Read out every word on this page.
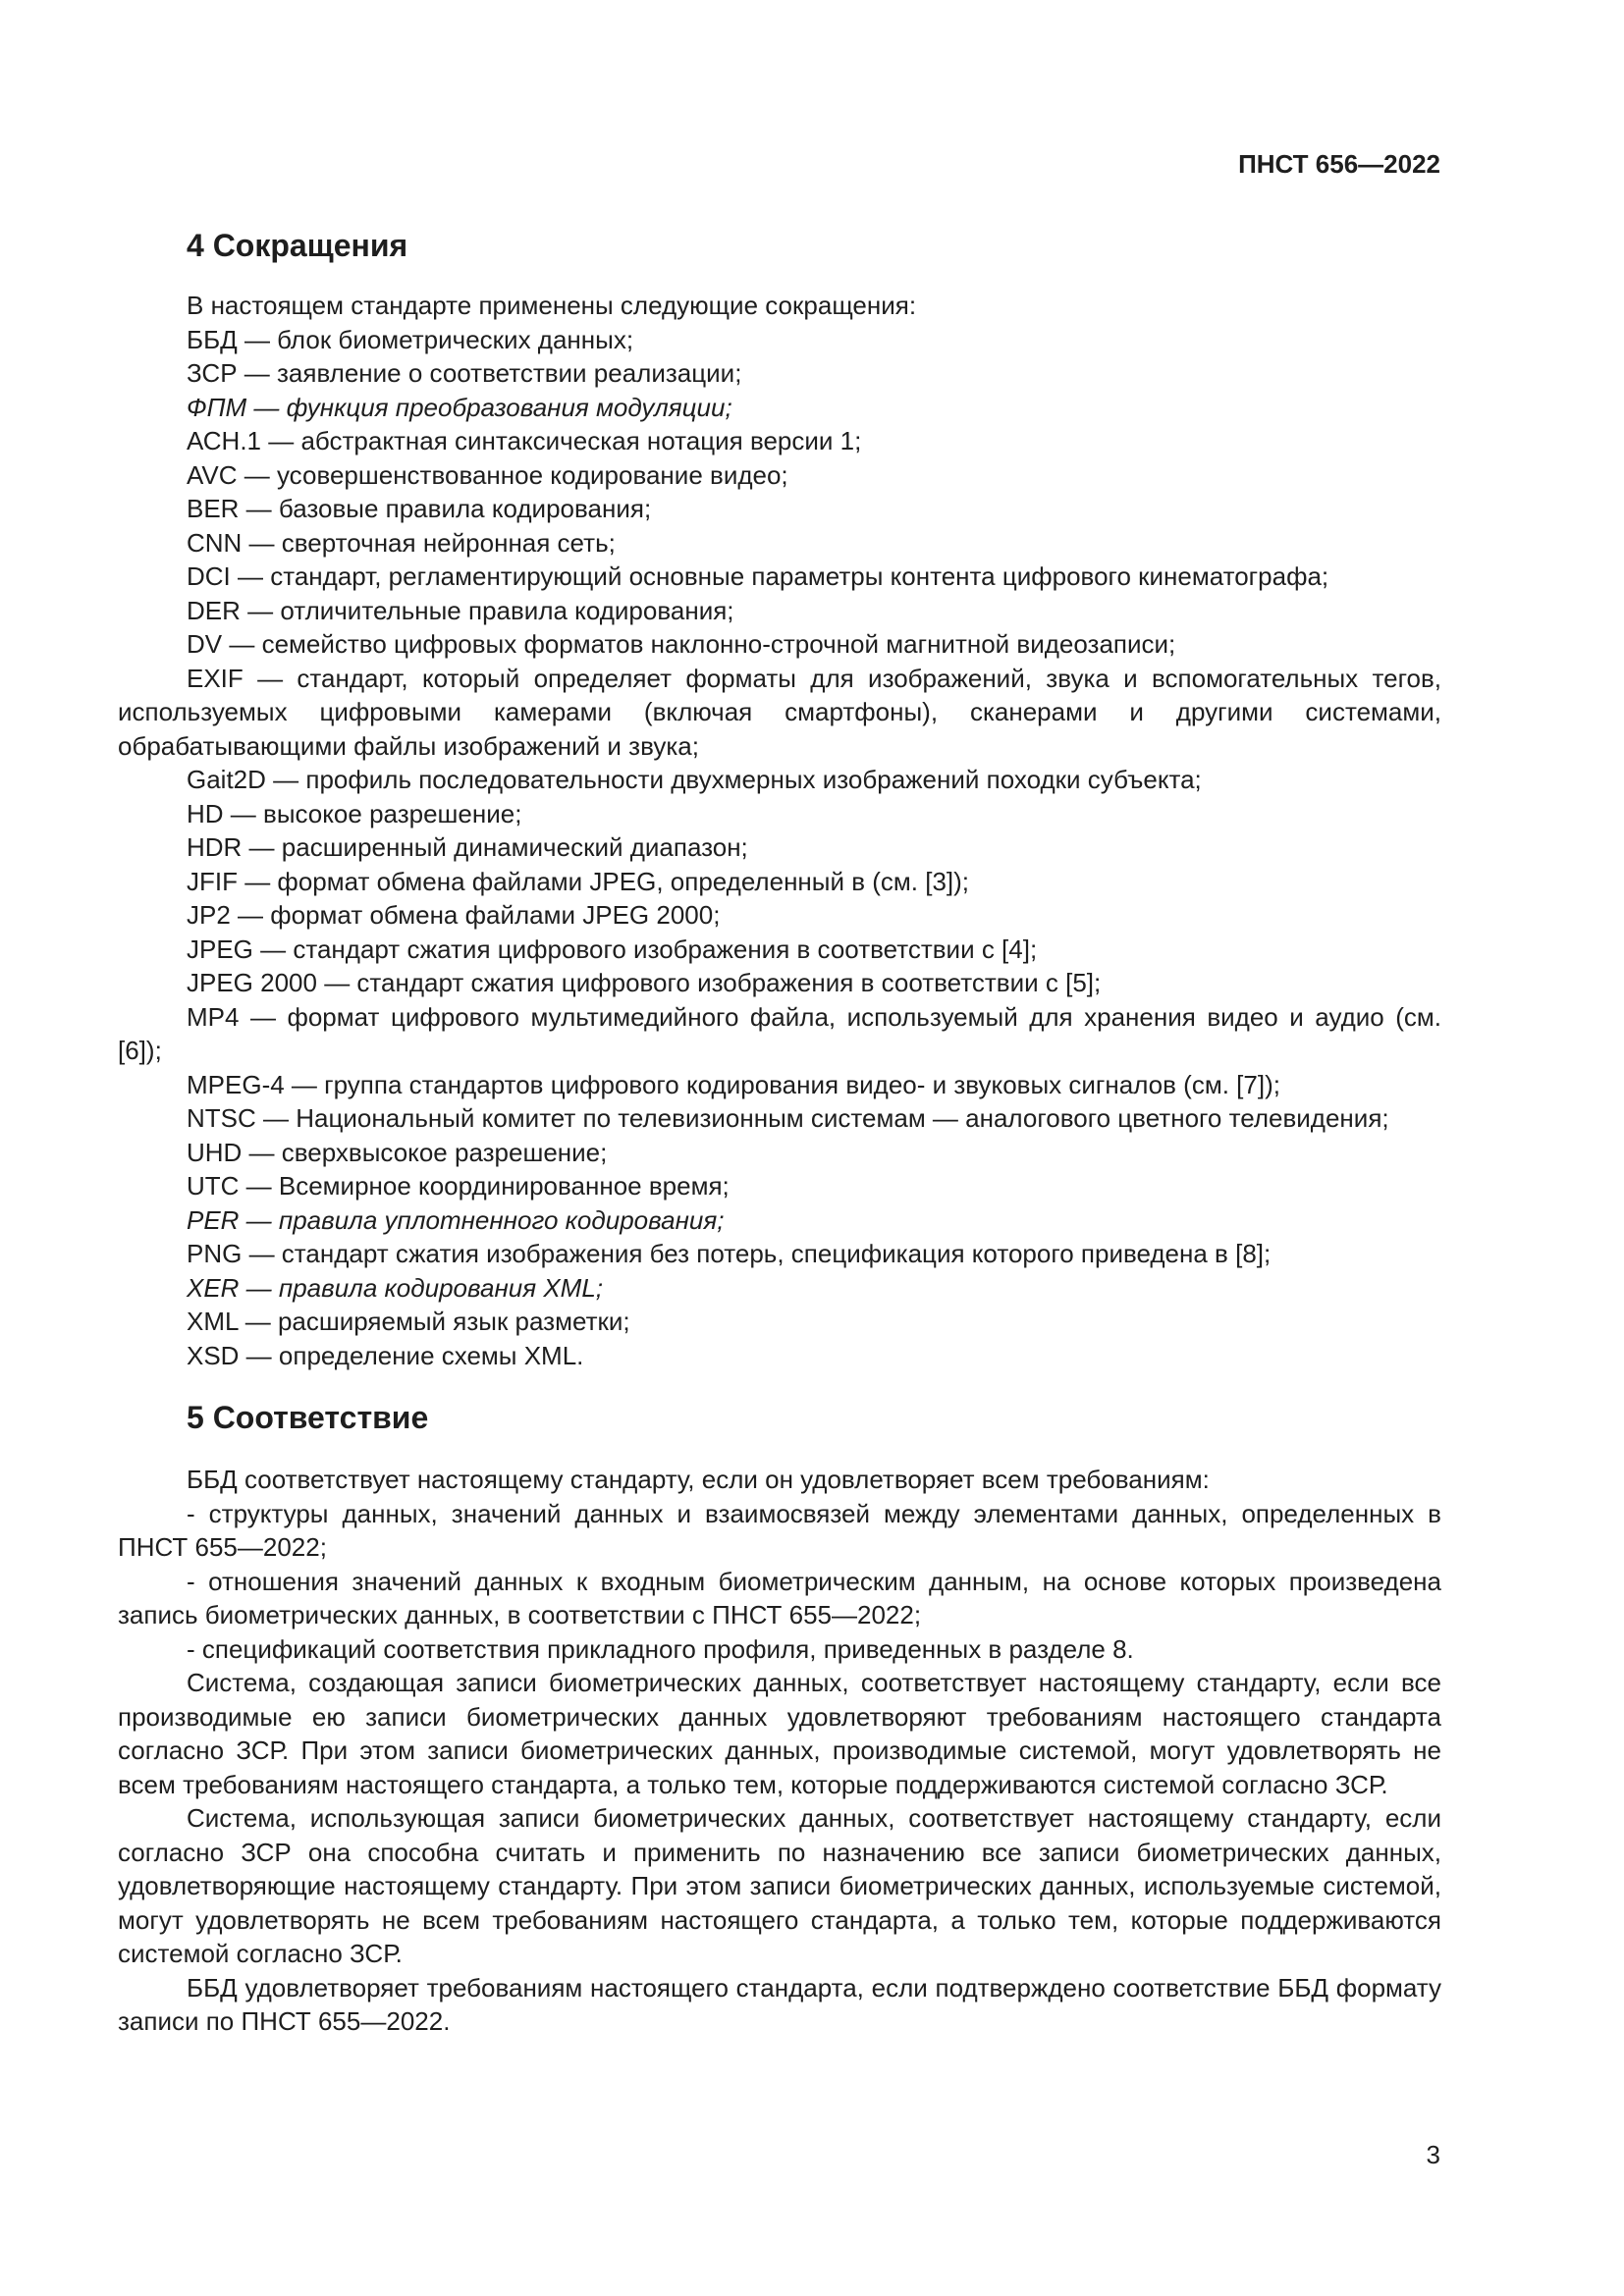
ПНСТ 656—2022
4 Сокращения

В настоящем стандарте применены следующие сокращения:

ББД — блок биометрических данных;

ЗСР — заявление о соответствии реализации;

ФПМ — функция преобразования модуляции;

АСН.1 — абстрактная синтаксическая нотация версии 1;

AVC — усовершенствованное кодирование видео;

BER — базовые правила кодирования;

CNN — сверточная нейронная сеть;

DCI — стандарт, регламентирующий основные параметры контента цифрового кинематографа;

DER — отличительные правила кодирования;

DV — семейство цифровых форматов наклонно-строчной магнитной видеозаписи;

EXIF — стандарт, который определяет форматы для изображений, звука и вспомогательных тегов, используемых цифровыми камерами (включая смартфоны), сканерами и другими системами, обрабатывающими файлы изображений и звука;

Gait2D — профиль последовательности двухмерных изображений походки субъекта;

HD — высокое разрешение;

HDR — расширенный динамический диапазон;

JFIF — формат обмена файлами JPEG, определенный в (см. [3]);

JP2 — формат обмена файлами JPEG 2000;

JPEG — стандарт сжатия цифрового изображения в соответствии с [4];

JPEG 2000 — стандарт сжатия цифрового изображения в соответствии с [5];

MP4 — формат цифрового мультимедийного файла, используемый для хранения видео и аудио (см. [6]);

MPEG-4 — группа стандартов цифрового кодирования видео- и звуковых сигналов (см. [7]);

NTSC — Национальный комитет по телевизионным системам — аналогового цветного телевидения;

UHD — сверхвысокое разрешение;

UTC — Всемирное координированное время;

PER — правила уплотненного кодирования;

PNG — стандарт сжатия изображения без потерь, спецификация которого приведена в [8];

XER — правила кодирования XML;

XML — расширяемый язык разметки;

XSD — определение схемы XML.

5 Соответствие

ББД соответствует настоящему стандарту, если он удовлетворяет всем требованиям:

- структуры данных, значений данных и взаимосвязей между элементами данных, определенных в ПНСТ 655—2022;

- отношения значений данных к входным биометрическим данным, на основе которых произведена запись биометрических данных, в соответствии с ПНСТ 655—2022;

- спецификаций соответствия прикладного профиля, приведенных в разделе 8.

Система, создающая записи биометрических данных, соответствует настоящему стандарту, если все производимые ею записи биометрических данных удовлетворяют требованиям настоящего стандарта согласно ЗСР. При этом записи биометрических данных, производимые системой, могут удовлетворять не всем требованиям настоящего стандарта, а только тем, которые поддерживаются системой согласно ЗСР.

Система, использующая записи биометрических данных, соответствует настоящему стандарту, если согласно ЗСР она способна считать и применить по назначению все записи биометрических данных, удовлетворяющие настоящему стандарту. При этом записи биометрических данных, используемые системой, могут удовлетворять не всем требованиям настоящего стандарта, а только тем, которые поддерживаются системой согласно ЗСР.

ББД удовлетворяет требованиям настоящего стандарта, если подтверждено соответствие ББД формату записи по ПНСТ 655—2022.

3
